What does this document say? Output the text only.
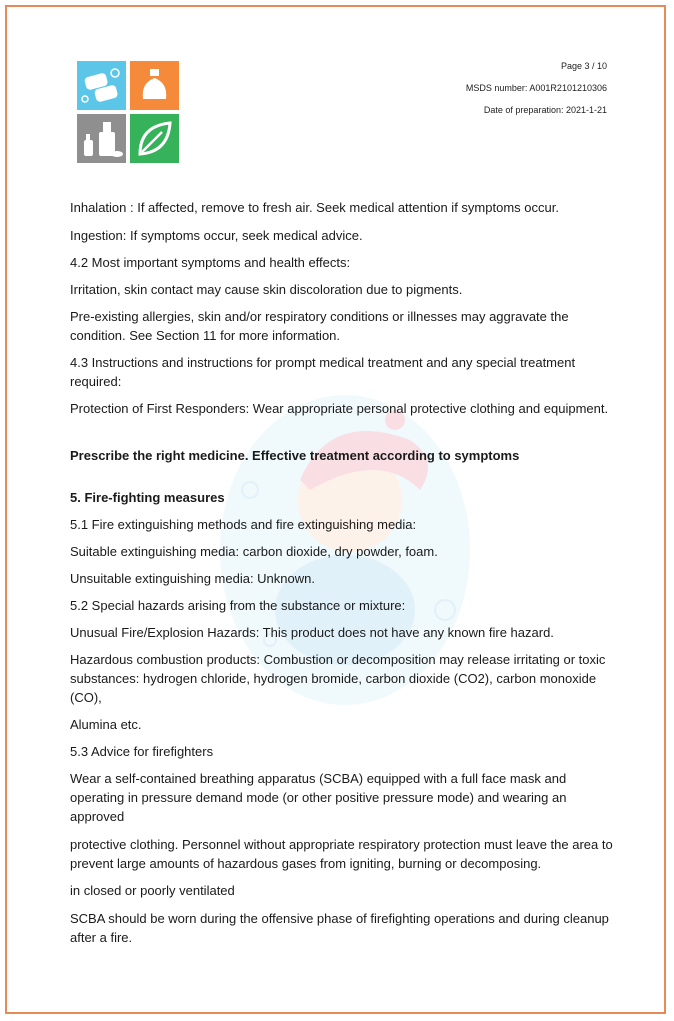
Page 3 / 10
MSDS number: A001R2101210306
Date of preparation: 2021-1-21

Inhalation : If affected, remove to fresh air. Seek medical attention if symptoms occur.

Ingestion: If symptoms occur, seek medical advice.

4.2 Most important symptoms and health effects:

Irritation, skin contact may cause skin discoloration due to pigments.

Pre-existing allergies, skin and/or respiratory conditions or illnesses may aggravate the condition. See Section 11 for more information.

4.3 Instructions and instructions for prompt medical treatment and any special treatment required:

Protection of First Responders: Wear appropriate personal protective clothing and equipment.

Prescribe the right medicine. Effective treatment according to symptoms

5. Fire-fighting measures

5.1 Fire extinguishing methods and fire extinguishing media:

Suitable extinguishing media: carbon dioxide, dry powder, foam.

Unsuitable extinguishing media: Unknown.

5.2 Special hazards arising from the substance or mixture:

Unusual Fire/Explosion Hazards: This product does not have any known fire hazard.

Hazardous combustion products: Combustion or decomposition may release irritating or toxic substances: hydrogen chloride, hydrogen bromide, carbon dioxide (CO2), carbon monoxide (CO),

Alumina etc.

5.3 Advice for firefighters

Wear a self-contained breathing apparatus (SCBA) equipped with a full face mask and operating in pressure demand mode (or other positive pressure mode) and wearing an approved

protective clothing. Personnel without appropriate respiratory protection must leave the area to prevent large amounts of hazardous gases from igniting, burning or decomposing.

in closed or poorly ventilated

SCBA should be worn during the offensive phase of firefighting operations and during cleanup after a fire.
